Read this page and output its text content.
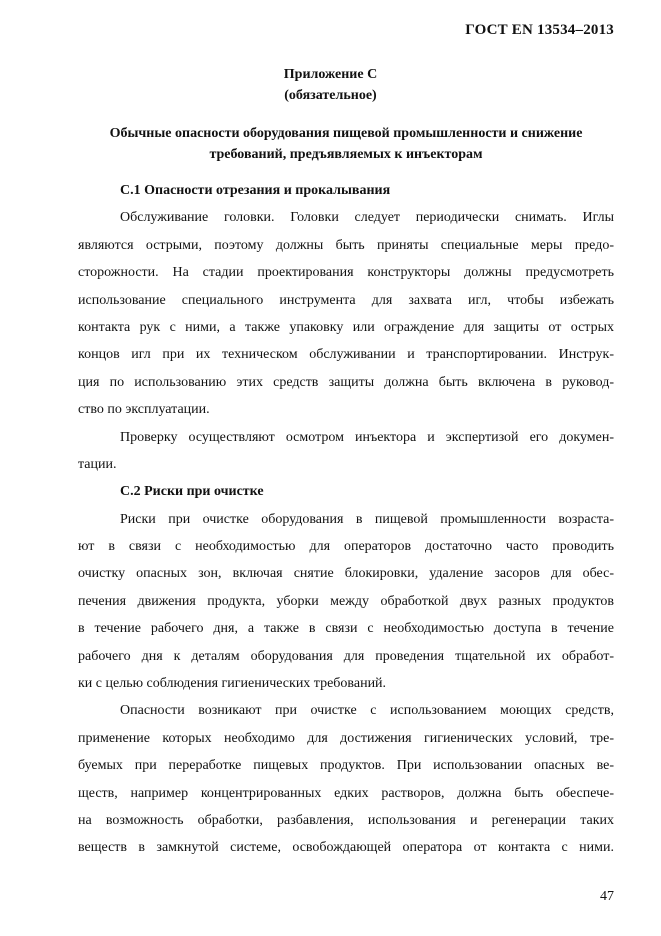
ГОСТ EN 13534–2013
Приложение С
(обязательное)
Обычные опасности оборудования пищевой промышленности и снижение
требований, предъявляемых к инъекторам
С.1 Опасности отрезания и прокалывания
Обслуживание головки. Головки следует периодически снимать. Иглы
являются острыми, поэтому должны быть приняты специальные меры предо-
сторожности. На стадии проектирования конструкторы должны предусмотреть
использование специального инструмента для захвата игл, чтобы избежать
контакта рук с ними, а также упаковку или ограждение для защиты от острых
концов игл при их техническом обслуживании и транспортировании. Инструк-
ция по использованию этих средств защиты должна быть включена в руковод-
ство по эксплуатации.
Проверку осуществляют осмотром инъектора и экспертизой его докумен-
тации.
С.2 Риски при очистке
Риски при очистке оборудования в пищевой промышленности возраста-
ют в связи с необходимостью для операторов достаточно часто проводить
очистку опасных зон, включая снятие блокировки, удаление засоров для обес-
печения движения продукта, уборки между обработкой двух разных продуктов
в течение рабочего дня, а также в связи с необходимостью доступа в течение
рабочего дня к деталям оборудования для проведения тщательной их обработ-
ки с целью соблюдения гигиенических требований.
Опасности возникают при очистке с использованием моющих средств,
применение которых необходимо для достижения гигиенических условий, тре-
буемых при переработке пищевых продуктов. При использовании опасных ве-
ществ, например концентрированных едких растворов, должна быть обеспече-
на возможность обработки, разбавления, использования и регенерации таких
веществ в замкнутой системе, освобождающей оператора от контакта с ними.
47
